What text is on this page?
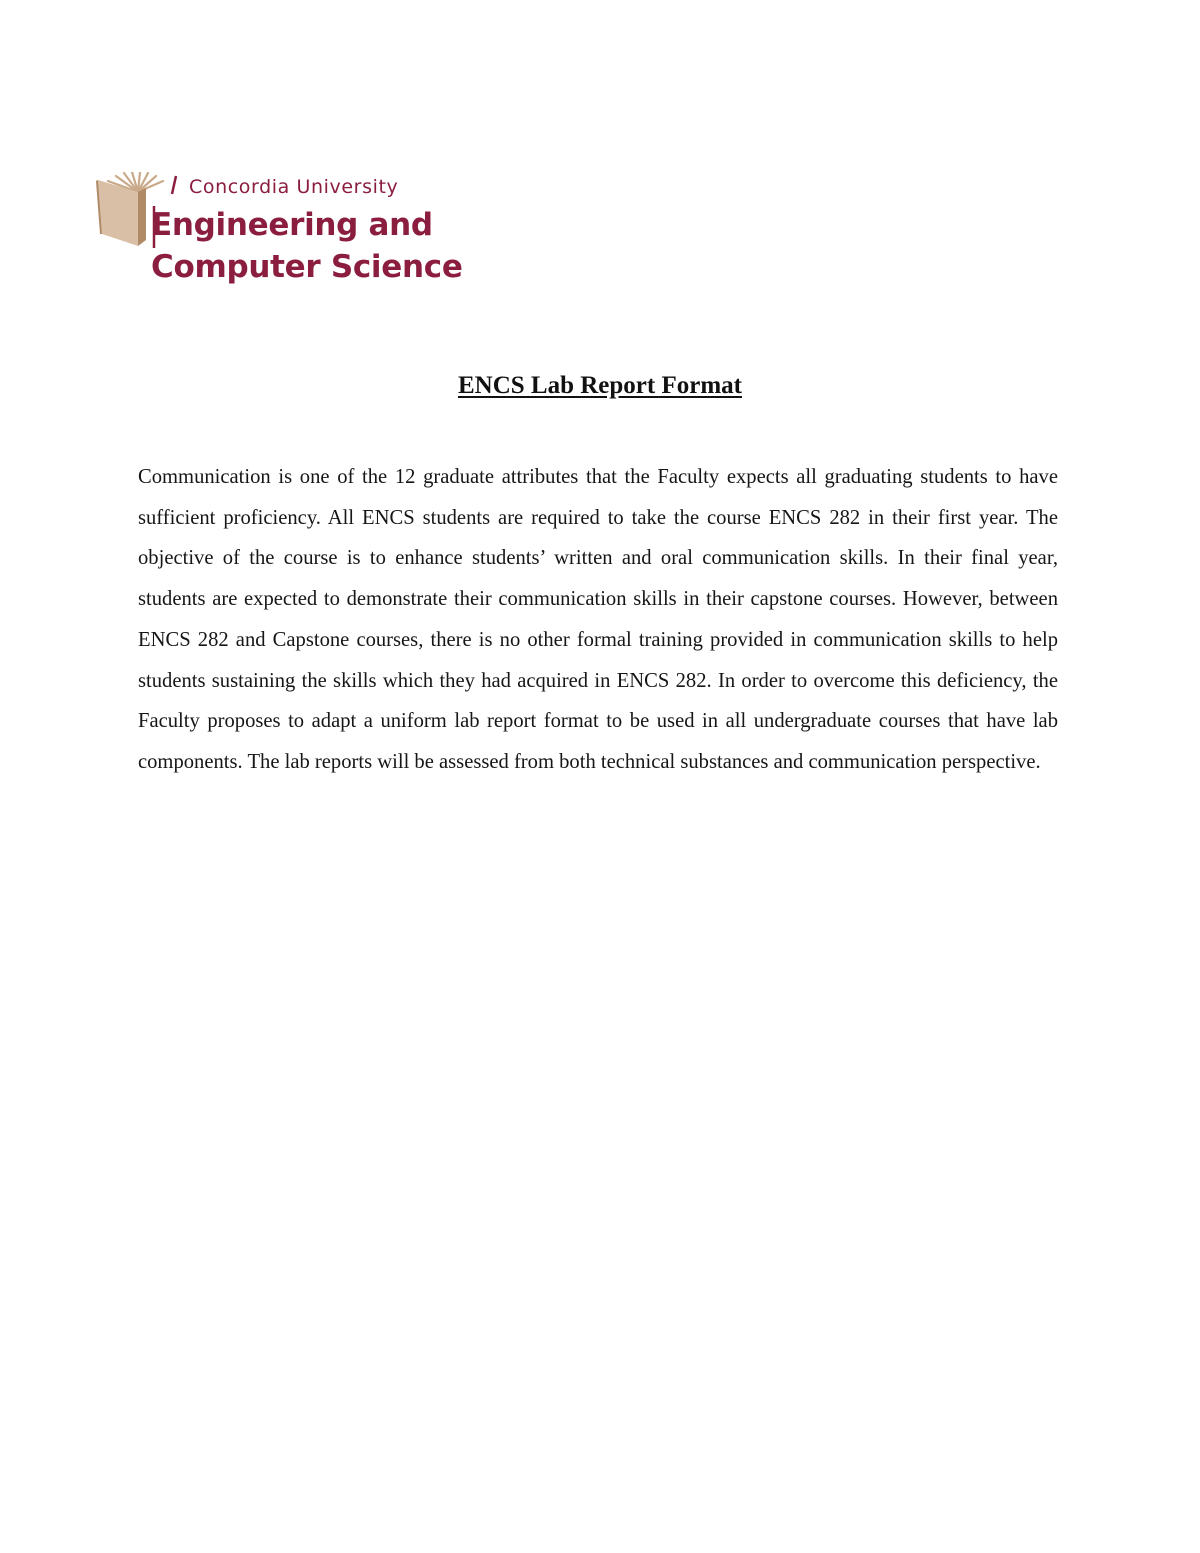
Concordia University
Engineering and
Computer Science
ENCS Lab Report Format

Communication is one of the 12 graduate attributes that the Faculty expects all graduating students to have sufficient proficiency. All ENCS students are required to take the course ENCS 282 in their first year. The objective of the course is to enhance students’ written and oral communication skills. In their final year, students are expected to demonstrate their communication skills in their capstone courses. However, between ENCS 282 and Capstone courses, there is no other formal training provided in communication skills to help students sustaining the skills which they had acquired in ENCS 282. In order to overcome this deficiency, the Faculty proposes to adapt a uniform lab report format to be used in all undergraduate courses that have lab components. The lab reports will be assessed from both technical substances and communication perspective.
